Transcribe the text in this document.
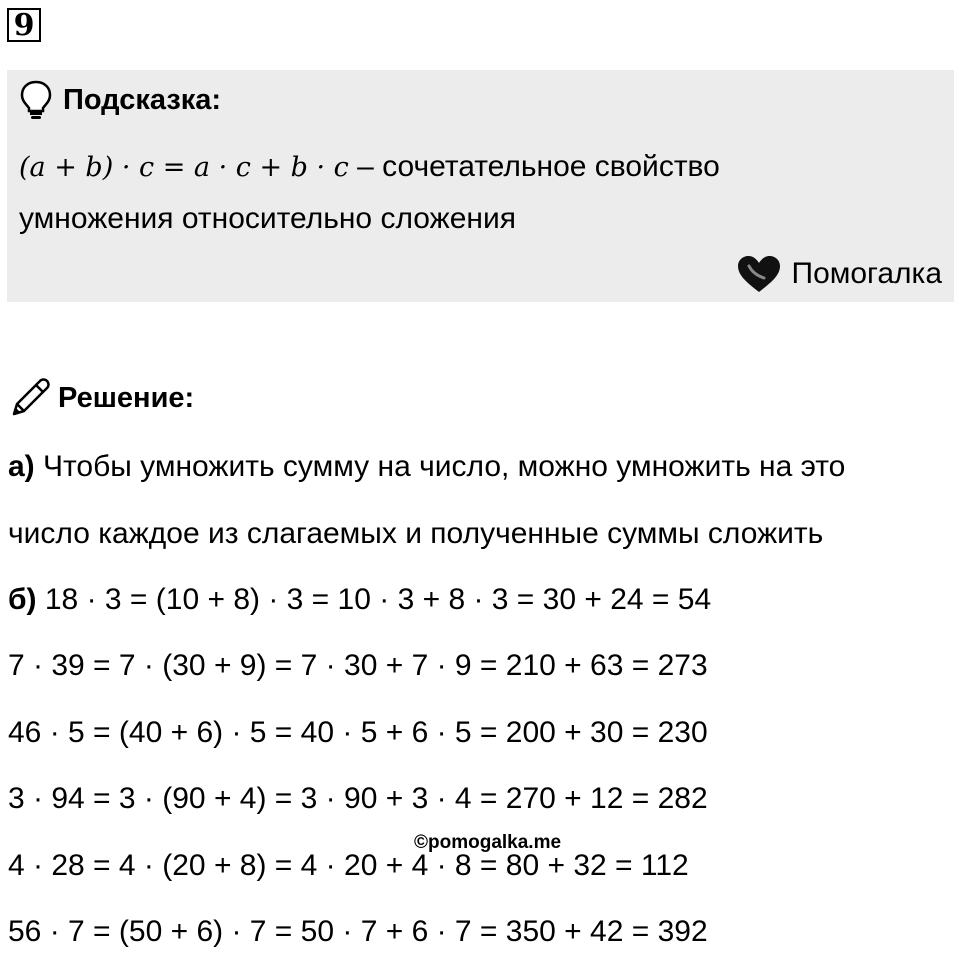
9
Подсказка:
(a + b) · c = a · c + b · c – сочетательное свойство
умножения относительно сложения
Помогалка
Решение:
а) Чтобы умножить сумму на число, можно умножить на это
число каждое из слагаемых и полученные суммы сложить
б) 18 · 3 = (10 + 8) · 3 = 10 · 3 + 8 · 3 = 30 + 24 = 54
7 · 39 = 7 · (30 + 9) = 7 · 30 + 7 · 9 = 210 + 63 = 273
46 · 5 = (40 + 6) · 5 = 40 · 5 + 6 · 5 = 200 + 30 = 230
3 · 94 = 3 · (90 + 4) = 3 · 90 + 3 · 4 = 270 + 12 = 282
4 · 28 = 4 · (20 + 8) = 4 · 20 + 4 · 8 = 80 + 32 = 112
56 · 7 = (50 + 6) · 7 = 50 · 7 + 6 · 7 = 350 + 42 = 392
©pomogalka.me
